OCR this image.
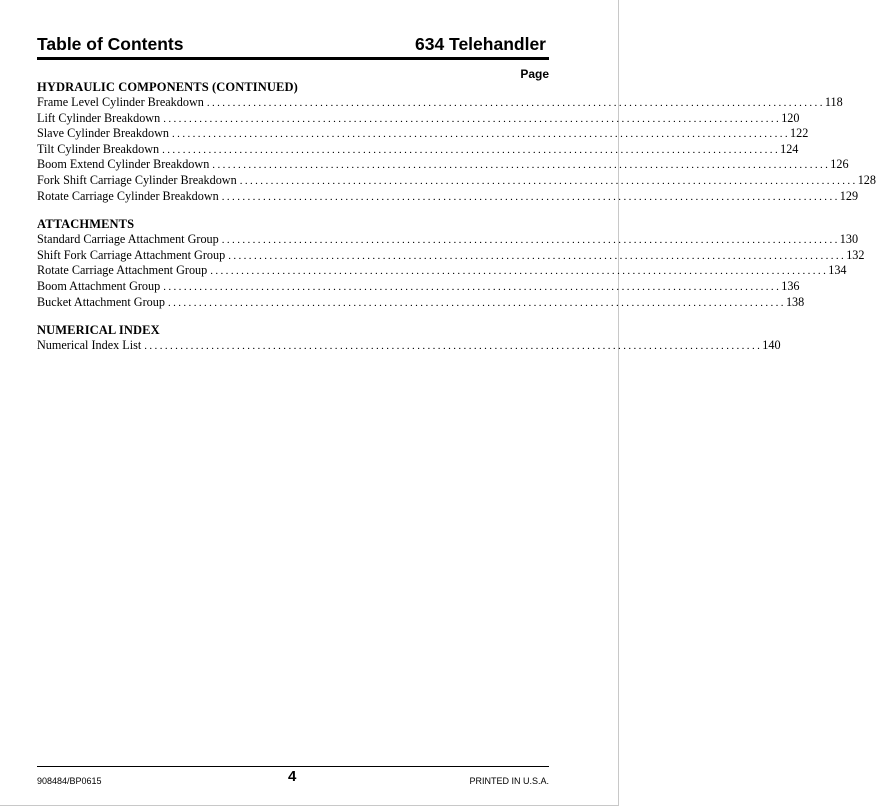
Table of Contents	634 Telehandler
Page
HYDRAULIC COMPONENTS (CONTINUED)
Frame Level Cylinder Breakdown ........................................................................................................................ 118
Lift Cylinder Breakdown ........................................................................................................................ 120
Slave Cylinder Breakdown ........................................................................................................................ 122
Tilt Cylinder Breakdown ........................................................................................................................ 124
Boom Extend Cylinder Breakdown ........................................................................................................................ 126
Fork Shift Carriage Cylinder Breakdown ........................................................................................................................ 128
Rotate Carriage Cylinder Breakdown ........................................................................................................................ 129
ATTACHMENTS
Standard Carriage Attachment Group ........................................................................................................................ 130
Shift Fork Carriage Attachment Group ........................................................................................................................ 132
Rotate Carriage Attachment Group ........................................................................................................................ 134
Boom Attachment Group ........................................................................................................................ 136
Bucket Attachment Group ........................................................................................................................ 138
NUMERICAL INDEX
Numerical Index List ........................................................................................................................ 140
908484/BP0615	4	PRINTED IN U.S.A.
